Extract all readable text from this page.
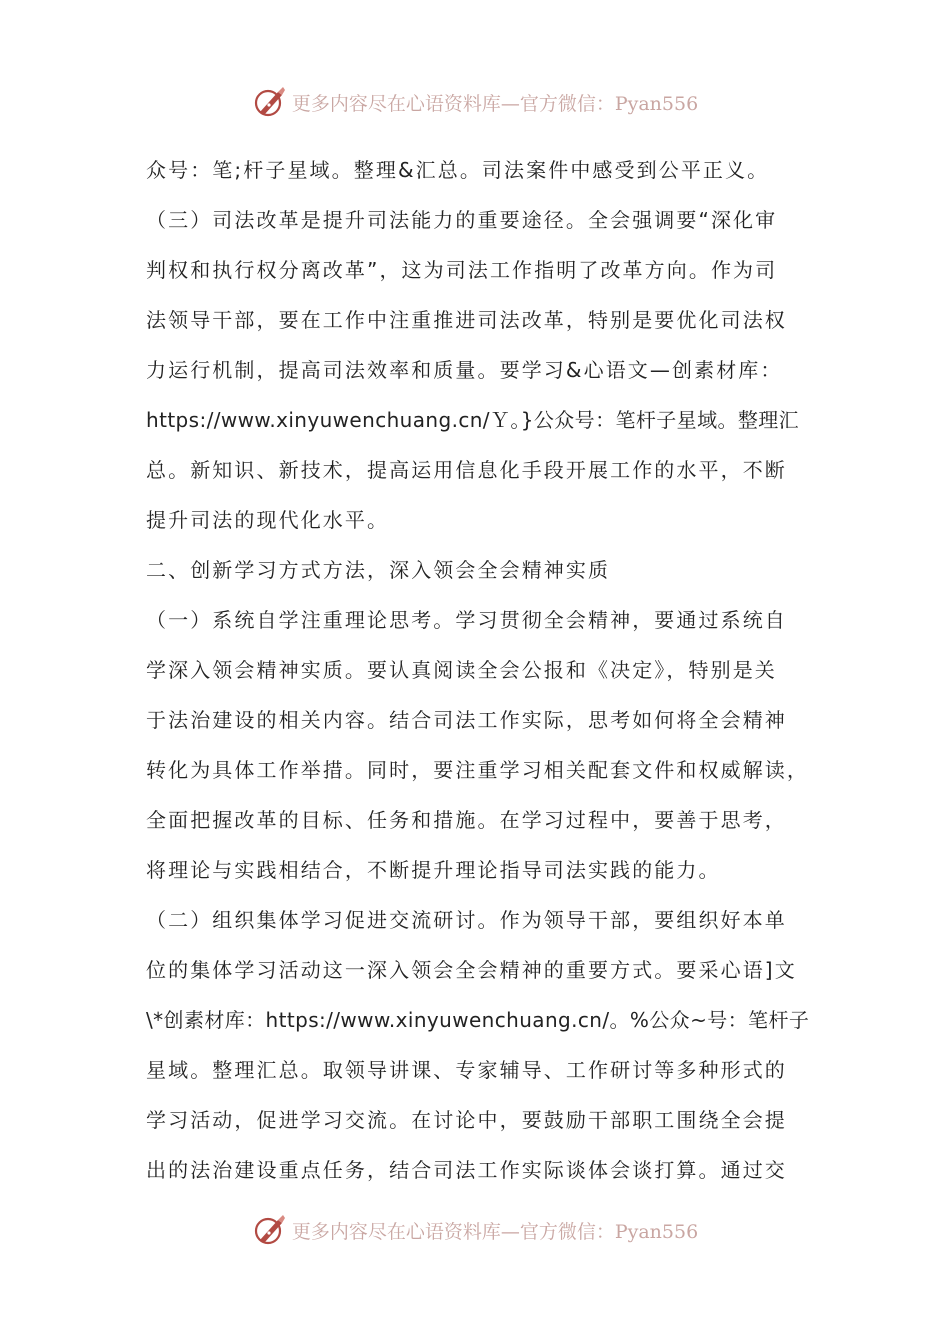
更多内容尽在心语资料库—官方微信：Pyan556
众号：笔;杆子星域。整理&汇总。司法案件中感受到公平正义。
（三）司法改革是提升司法能力的重要途径。全会强调要“深化审
判权和执行权分离改革”，这为司法工作指明了改革方向。作为司
法领导干部，要在工作中注重推进司法改革，特别是要优化司法权
力运行机制，提高司法效率和质量。要学习&心语文—创素材库：
https://www.xinyuwenchuang.cn/Ｙ。}公众号：笔杆子星域。整理汇
总。新知识、新技术，提高运用信息化手段开展工作的水平，不断
提升司法的现代化水平。
二、创新学习方式方法，深入领会全会精神实质
（一）系统自学注重理论思考。学习贯彻全会精神，要通过系统自
学深入领会精神实质。要认真阅读全会公报和《决定》，特别是关
于法治建设的相关内容。结合司法工作实际，思考如何将全会精神
转化为具体工作举措。同时，要注重学习相关配套文件和权威解读，
全面把握改革的目标、任务和措施。在学习过程中，要善于思考，
将理论与实践相结合，不断提升理论指导司法实践的能力。
（二）组织集体学习促进交流研讨。作为领导干部，要组织好本单
位的集体学习活动这一深入领会全会精神的重要方式。要采心语]文
\*创素材库：https://www.xinyuwenchuang.cn/。%公众~号：笔杆子
星域。整理汇总。取领导讲课、专家辅导、工作研讨等多种形式的
学习活动，促进学习交流。在讨论中，要鼓励干部职工围绕全会提
出的法治建设重点任务，结合司法工作实际谈体会谈打算。通过交
更多内容尽在心语资料库—官方微信：Pyan556
